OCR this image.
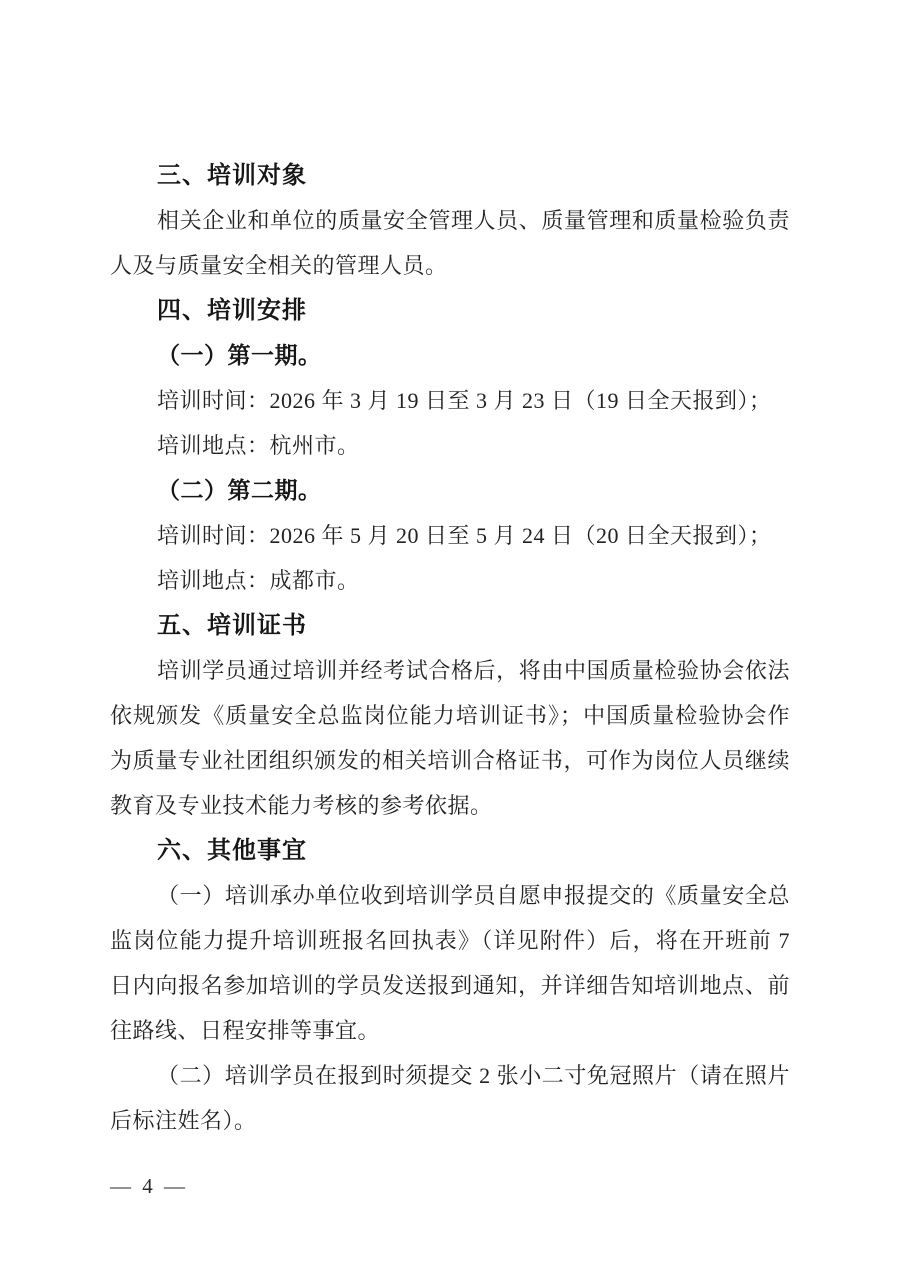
三、培训对象

相关企业和单位的质量安全管理人员、质量管理和质量检验负责人及与质量安全相关的管理人员。

四、培训安排

（一）第一期。

培训时间：2026 年 3 月 19 日至 3 月 23 日（19 日全天报到）；

培训地点：杭州市。

（二）第二期。

培训时间：2026 年 5 月 20 日至 5 月 24 日（20 日全天报到）；

培训地点：成都市。

五、培训证书

培训学员通过培训并经考试合格后，将由中国质量检验协会依法依规颁发《质量安全总监岗位能力培训证书》；中国质量检验协会作为质量专业社团组织颁发的相关培训合格证书，可作为岗位人员继续教育及专业技术能力考核的参考依据。

六、其他事宜

（一）培训承办单位收到培训学员自愿申报提交的《质量安全总监岗位能力提升培训班报名回执表》（详见附件）后，将在开班前 7 日内向报名参加培训的学员发送报到通知，并详细告知培训地点、前往路线、日程安排等事宜。

（二）培训学员在报到时须提交 2 张小二寸免冠照片（请在照片后标注姓名）。

— 4 —
